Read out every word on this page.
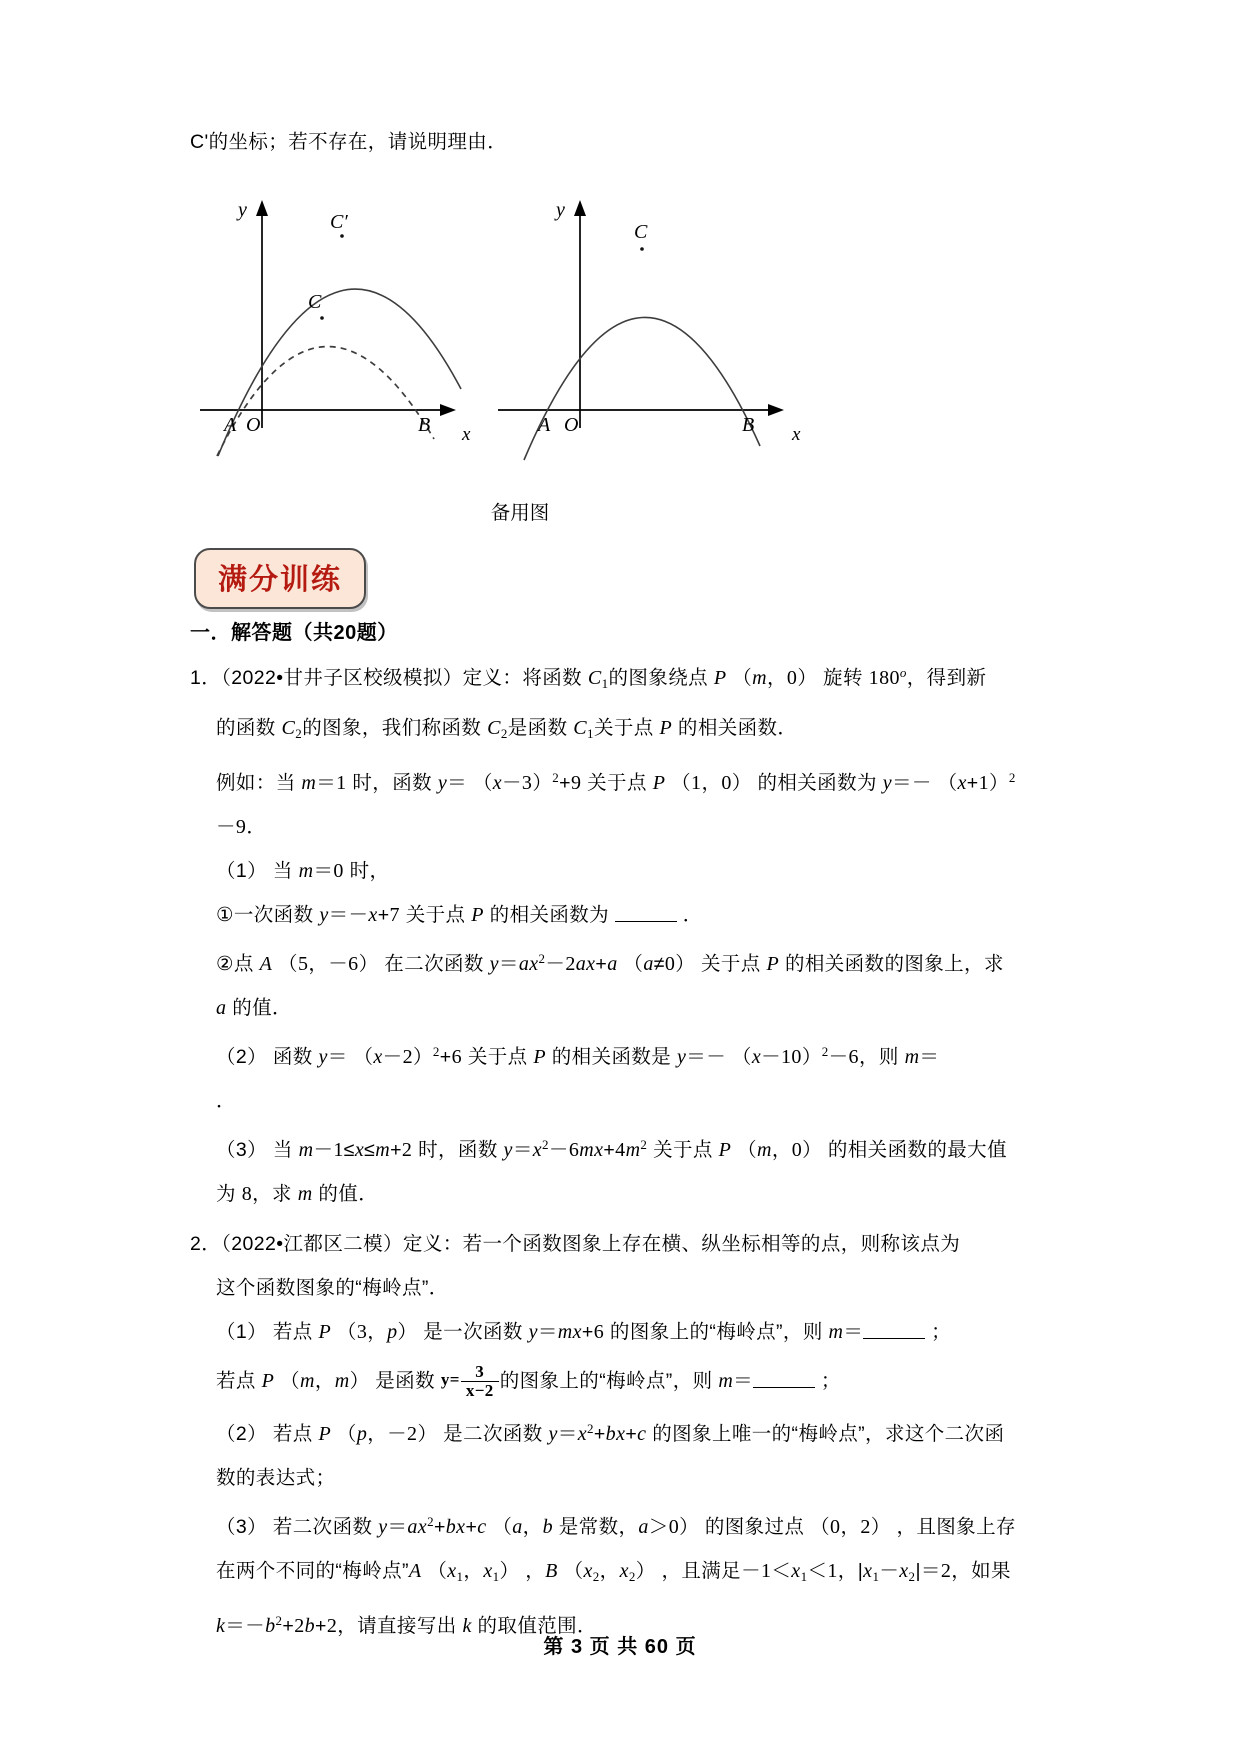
C'的坐标；若不存在，请说明理由．
y
x
C′
C
A O	B
y
x
C
A O	B
备用图
满分训练
一．解答题（共20题）
1．（2022•甘井子区校级模拟）定义：将函数 $C_1$的图象绕点 P （m，0） 旋转 180$^o$，得到新
的函数 $C_2$的图象，我们称函数 $C_2$是函数 $C_1$关于点 P 的相关函数．
例如：当 m＝1 时，函数 $y= (x-3)^2+9$ 关于点 P （1，0） 的相关函数为 $y=- (x+1)^2$
－9．
（1） 当 m＝0 时，
①一次函数 y＝－x+7 关于点 P 的相关函数为	．
②点 A （5，－6） 在二次函数 $y=ax^2-2ax+a$ （a≠0） 关于点 P 的相关函数的图象上，求
a 的值．
（2） 函数 $y= (x-2)^2+6$ 关于点 P 的相关函数是 $y=- (x-10)^2-6$，则 m＝
．
（3） 当 m－1≤x≤m+2 时，函数 $y=x^2-6mx+4m^2$ 关于点 P （m，0） 的相关函数的最大值
为 8，求 m 的值．
2．（2022•江都区二模）定义：若一个函数图象上存在横、纵坐标相等的点，则称该点为
这个函数图象的“梅岭点”．
（1） 若点 P （3，p） 是一次函数 y＝mx+6 的图象上的“梅岭点”，则 m＝	；
若点 P （m，m） 是函数 $y= \frac{3}{x-2}$ 的图象上的“梅岭点”，则 m＝	；
（2） 若点 P （p，－2） 是二次函数 $y=x^2+bx+c$ 的图象上唯一的“梅岭点”，求这个二次函
数的表达式；
（3） 若二次函数 $y=ax^2+bx+c$ （a，b 是常数，a＞0） 的图象过点 （0，2） ，且图象上存
在两个不同的“梅岭点”A （$x_1$，$x_1$） ，B （$x_2$，$x_2$） ，且满足$-1<x_1<1$，$|x_1-x_2|=2$，如果
$k=-b^2+2b+2$，请直接写出 k 的取值范围．
第 3 页 共 60 页
